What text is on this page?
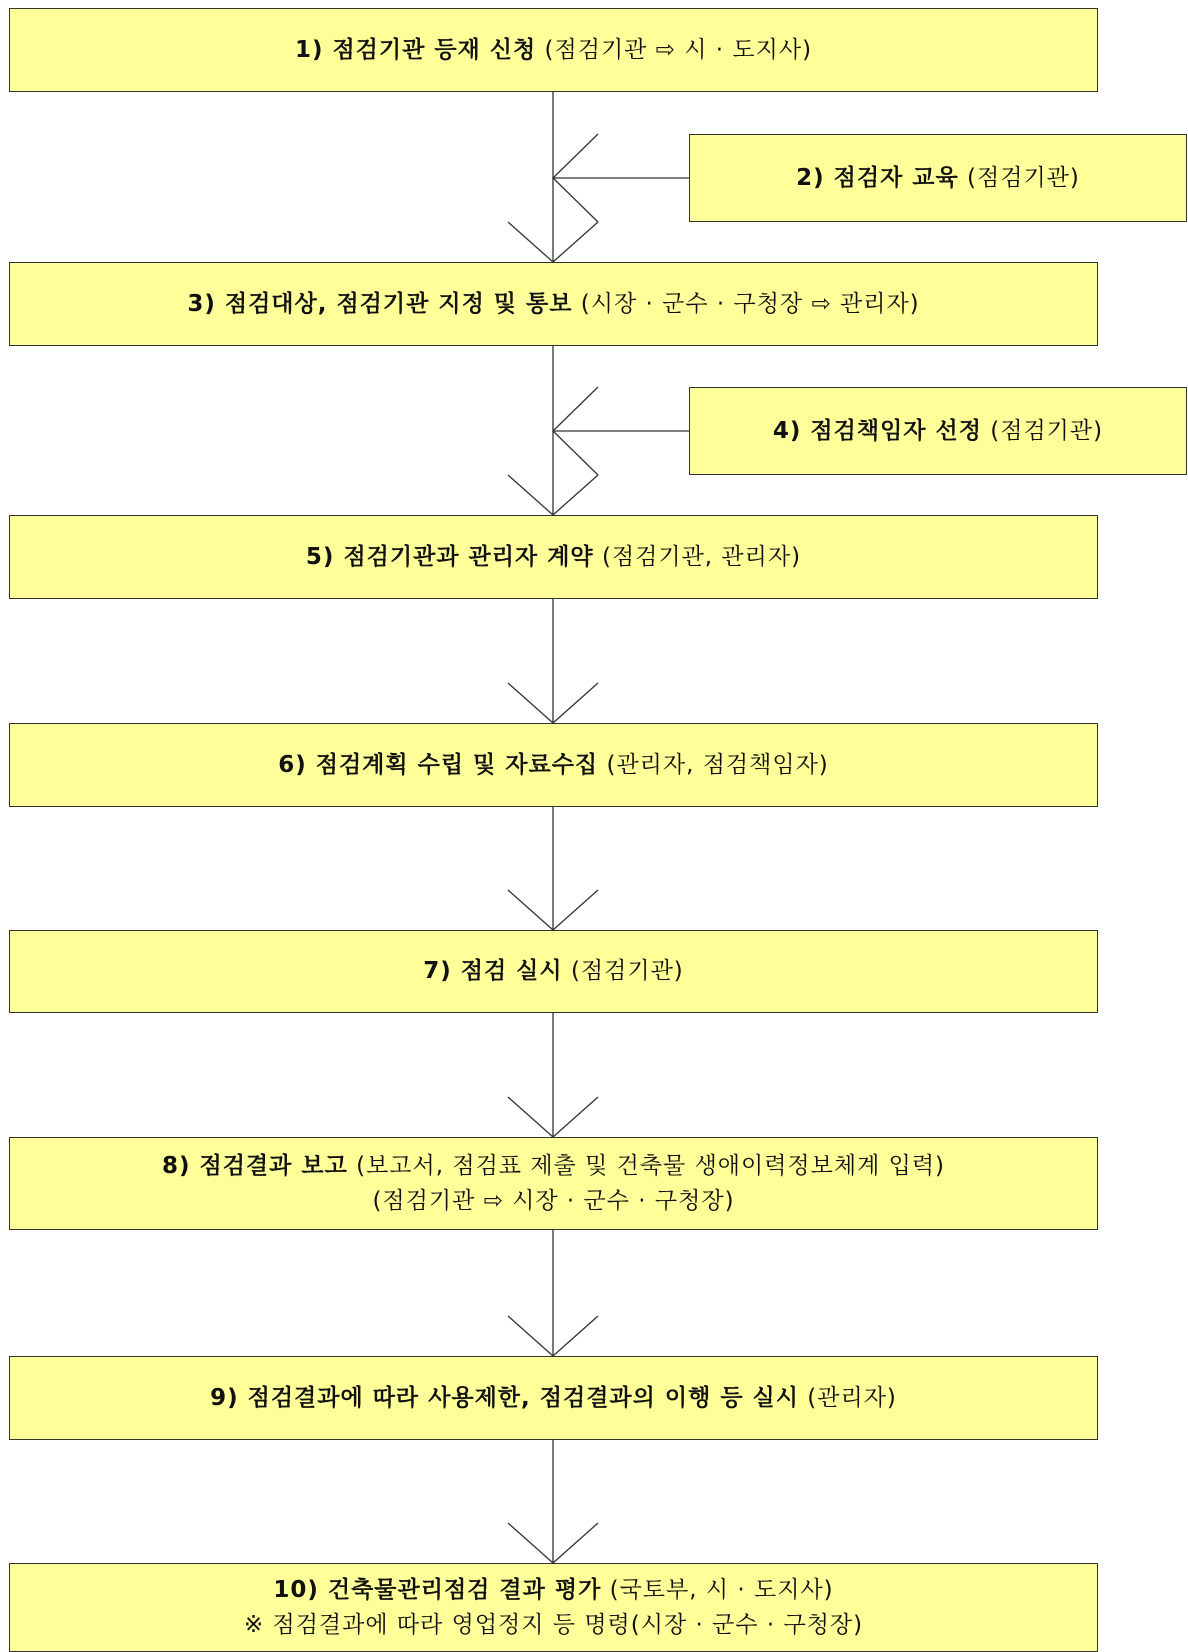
1) 점검기관 등재 신청 (점검기관 ⇨ 시 · 도지사)
2) 점검자 교육 (점검기관)
3) 점검대상, 점검기관 지정 및 통보 (시장 · 군수 · 구청장 ⇨ 관리자)
4) 점검책임자 선정 (점검기관)
5) 점검기관과 관리자 계약 (점검기관, 관리자)
6) 점검계획 수립 및 자료수집 (관리자, 점검책임자)
7) 점검 실시 (점검기관)
8) 점검결과 보고 (보고서, 점검표 제출 및 건축물 생애이력정보체계 입력)
(점검기관 ⇨ 시장 · 군수 · 구청장)
9) 점검결과에 따라 사용제한, 점검결과의 이행 등 실시 (관리자)
10) 건축물관리점검 결과 평가 (국토부, 시 · 도지사)
※ 점검결과에 따라 영업정지 등 명령(시장 · 군수 · 구청장)
